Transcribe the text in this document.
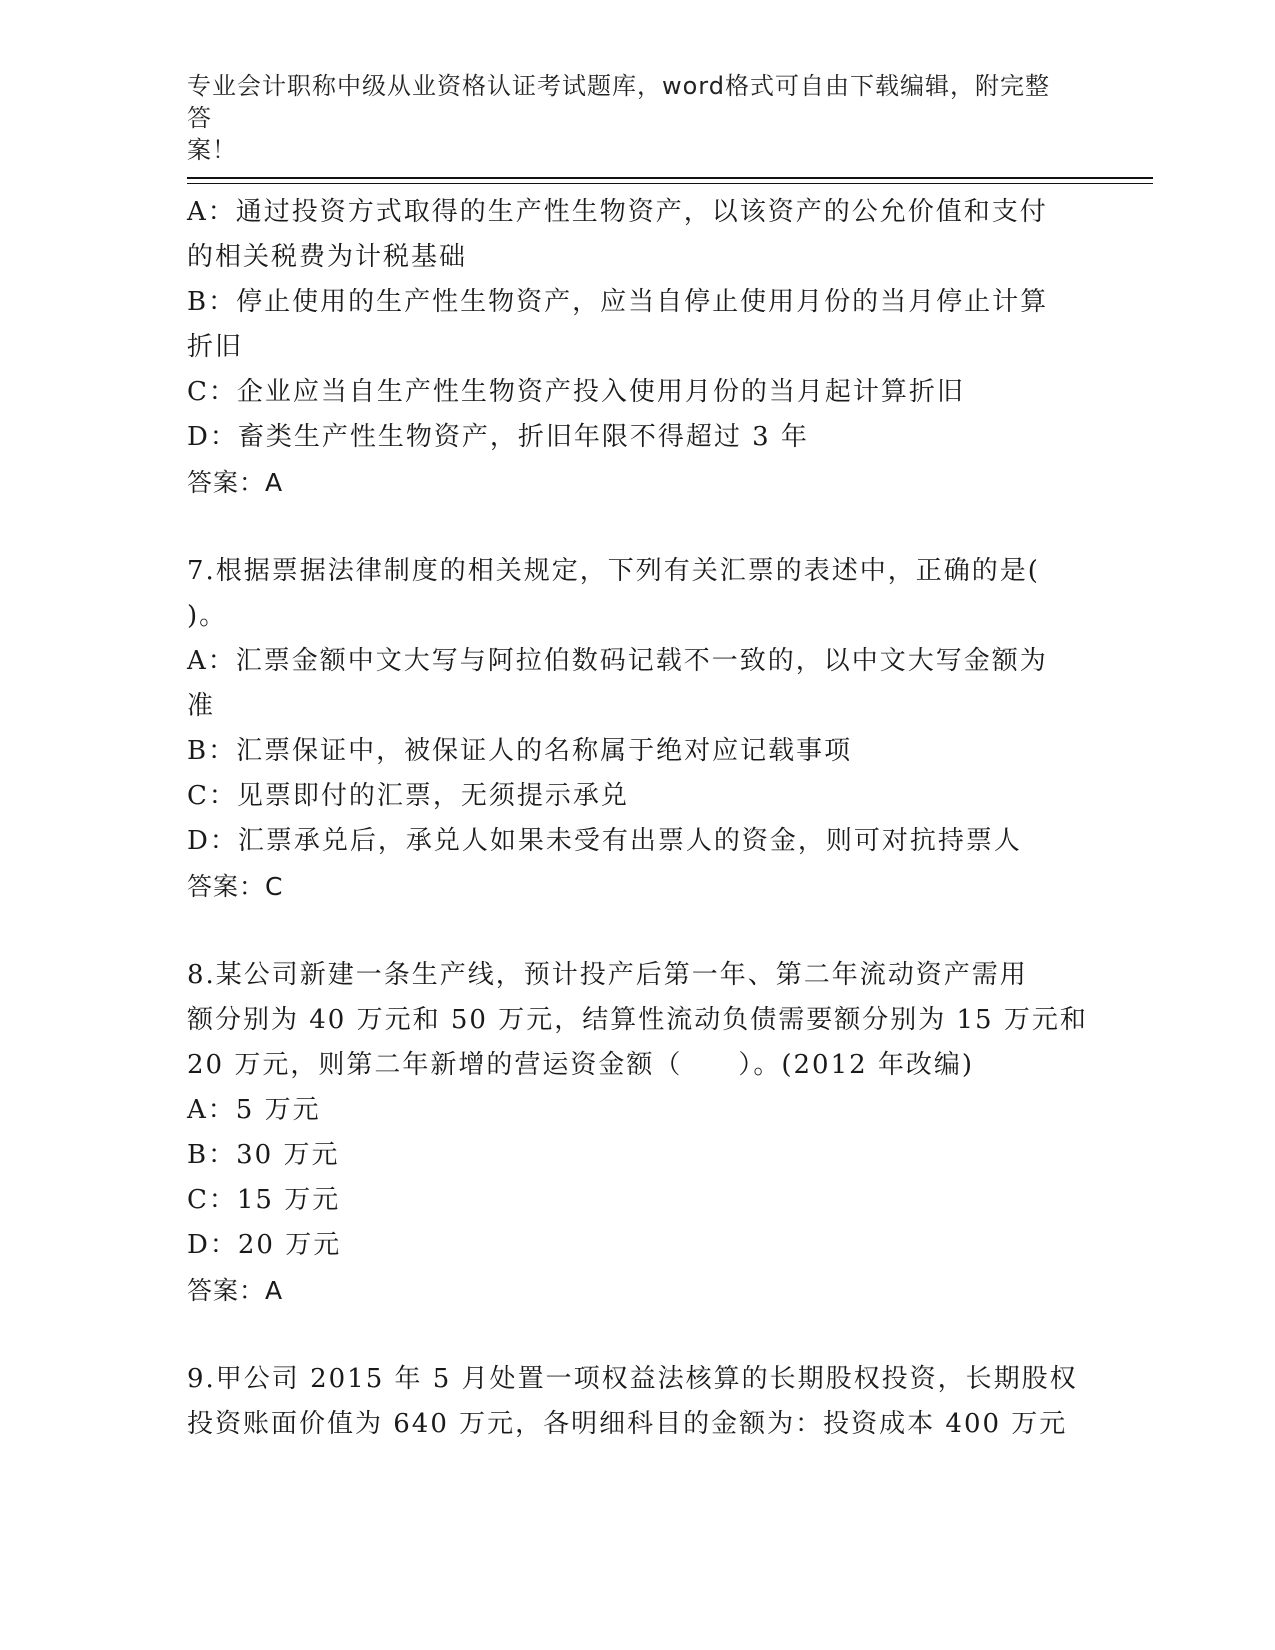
专业会计职称中级从业资格认证考试题库，word格式可自由下载编辑，附完整答
案！
A：通过投资方式取得的生产性生物资产，以该资产的公允价值和支付
的相关税费为计税基础
B：停止使用的生产性生物资产，应当自停止使用月份的当月停止计算
折旧
C：企业应当自生产性生物资产投入使用月份的当月起计算折旧
D：畜类生产性生物资产，折旧年限不得超过 3 年
答案：A
7.根据票据法律制度的相关规定，下列有关汇票的表述中，正确的是(
)。
A：汇票金额中文大写与阿拉伯数码记载不一致的，以中文大写金额为
准
B：汇票保证中，被保证人的名称属于绝对应记载事项
C：见票即付的汇票，无须提示承兑
D：汇票承兑后，承兑人如果未受有出票人的资金，则可对抗持票人
答案：C
8.某公司新建一条生产线，预计投产后第一年、第二年流动资产需用
额分别为 40 万元和 50 万元，结算性流动负债需要额分别为 15 万元和
20 万元，则第二年新增的营运资金额（　　）。(2012 年改编)
A：5 万元
B：30 万元
C：15 万元
D：20 万元
答案：A
9.甲公司 2015 年 5 月处置一项权益法核算的长期股权投资，长期股权
投资账面价值为 640 万元，各明细科目的金额为：投资成本 400 万元
